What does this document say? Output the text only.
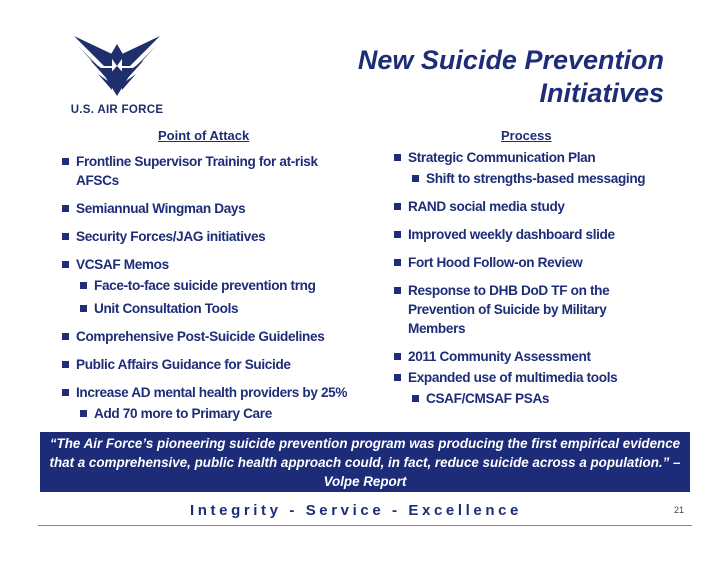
U.S. AIR FORCE
New Suicide Prevention Initiatives
Point of Attack	Process
Frontline Supervisor Training for at-risk AFSCs
Semiannual Wingman Days
Security Forces/JAG initiatives
VCSAF Memos
Face-to-face suicide prevention trng
Unit Consultation Tools
Comprehensive Post-Suicide Guidelines
Public Affairs Guidance for Suicide
Increase AD mental health providers by 25%
Add 70 more to Primary Care
Strategic Communication Plan
Shift to strengths-based messaging
RAND social media study
Improved weekly dashboard slide
Fort Hood Follow-on Review
Response to DHB DoD TF on the Prevention of Suicide by Military Members
2011 Community Assessment
Expanded use of multimedia tools
CSAF/CMSAF PSAs
“The Air Force’s pioneering suicide prevention program was producing the first empirical evidence that a comprehensive, public health approach could, in fact, reduce suicide across a population.” – Volpe Report
Integrity - Service - Excellence	21
